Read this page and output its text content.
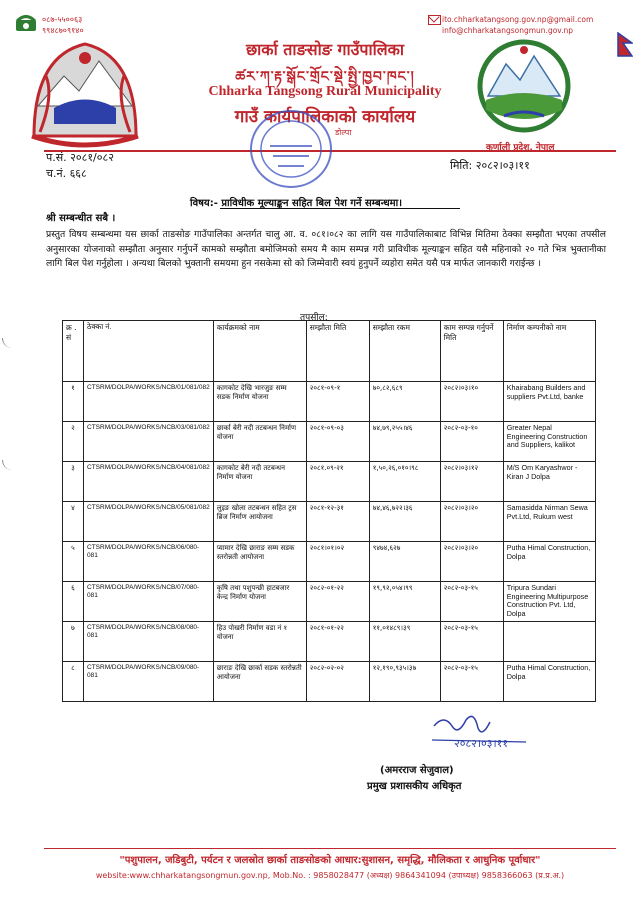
०८७-५५००६३
९९४८७०९१४०
ito.chharkatangsong.gov.np@gmail.com
info@chharkatangsongmun.gov.np
छार्का ताङसोङ गाउँपालिका
ཚར་ཀ་རྟ་སྒོང་གྲོང་སྡེ་སྤྱི་ཁྱབ་ཁང་།
Chharka Tangsong Rural Municipality
गाउँ कार्यपालिकाको कार्यालय
डोल्पा
कर्णाली प्रदेश, नेपाल
प.सं. २०८१/०८२
च.नं. ६६८
मिति: २०८२।०३।११
विषय:- प्राविधीक मूल्याङ्कन सहित बिल पेश गर्ने सम्बन्धमा।
श्री सम्बन्धीत सबै ।
प्रस्तुत विषय सम्बन्धमा यस छार्का ताङसोङ गाउँपालिका अन्तर्गत चालु आ. व. ०८१।०८२ का लागि यस गाउँपालिकाबाट विभिन्न मितिमा ठेक्का सम्झौता भएका तपसील अनुसारका योजनाको सम्झौता अनुसार गर्नुपर्ने कामको सम्झौता बमोजिमको समय मै काम सम्पन्न गरी प्राविधीक मूल्याङ्कन सहित यसै महिनाको २० गते भित्र भुक्तानीका लागि बिल पेश गर्नुहोला । अन्यथा बिलको भुक्तानी समयमा हुन नसकेमा सो को जिम्मेवारी स्वयं हुनुपर्ने व्यहोरा समेत यसै पत्र मार्फत जानकारी गराईन्छ ।
तपसील:
क्र . सं	ठेक्का नं.	कार्यक्रमको नाम	सम्झौता मिति	सम्झौता रकम	काम सम्पन्न गर्नुपर्ने मिति	निर्माण कम्पनीको नाम
१	CTSRM/DOLPA/WORKS/NCB/01/081/082	कागकोट देखि भारजुङ सम्म सडक निर्माण योजना	२०८१-०९-१	७०,८२,६८९	२०८२।०३।१०	Khairabang Builders and suppliers Pvt.Ltd, banke
२	CTSRM/DOLPA/WORKS/NCB/03/081/082	छार्का बेरी नदी तटबन्धन निर्माण योजना	२०८१-०९-०३	७४,७९,२५५।४६	२०८२-०३-१०	Greater Nepal Engineering Construction and Suppliers, kalikot
३	CTSRM/DOLPA/WORKS/NCB/04/081/082	कागकोट बेरी नदी तटबन्धन निर्माण योजना	२०८१.०९-२१	१,५०,२६,०१०।९८	२०८२।०३।१२	M/S Om Karyashwor -Kiran J Dolpa
४	CTSRM/DOLPA/WORKS/NCB/05/081/082	लुइङ खोला तटबन्धन सहित ट्रस ब्रिज निर्माण आयोजना	२०८१-१२-३१	७४,४६,७२२।३६	२०८२।०३।२०	Samasidda Nirman Sewa Pvt.Ltd, Rukum west
५	CTSRM/DOLPA/WORKS/NCB/06/080-081	प्यामार देखि छाराङ सम्म सडक स्तरोन्नती आयोजना	२०८१।०१।०२	९४७४,६२७	२०८२।०३।२०	Putha Himal Construction, Dolpa
६	CTSRM/DOLPA/WORKS/NCB/07/080-081	कृषि तथा पशुपन्छी हाटबजार केन्द्र निर्माण योजना	२०८२-०१-२२	१९,९२,०५४।९९	२०८२-०३-१५	Tripura Sundari Engineering Multipurpose Construction Pvt. Ltd, Dolpa
७	CTSRM/DOLPA/WORKS/NCB/08/080-081	हिउ पोखरी निर्माण वडा नं १ योजना	२०८१-०१-२२	११,०१४८९।३९	२०८२-०३-१५	
८	CTSRM/DOLPA/WORKS/NCB/09/080-081	छाराङ देखि छार्का सडक स्तरोन्नती आयोजना	२०८२-०२-०२	१२,१९०,९३५।३७	२०८२-०३-१५	Putha Himal Construction, Dolpa
२०८२।०३।११
(अमरराज सेजुवाल)
प्रमुख प्रशासकीय अधिकृत
"पशुपालन, जडिबुटी, पर्यटन र जलस्रोत छार्का ताङसोङको आधार:सुशासन, समृद्धि, मौलिकता र आधुनिक पूर्वाधार"
website:www.chharkatangsongmun.gov.np, Mob.No. : 9858028477 (अध्यक्ष) 9864341094 (उपाध्यक्ष) 9858366063 (प्र.प्र.अ.)
